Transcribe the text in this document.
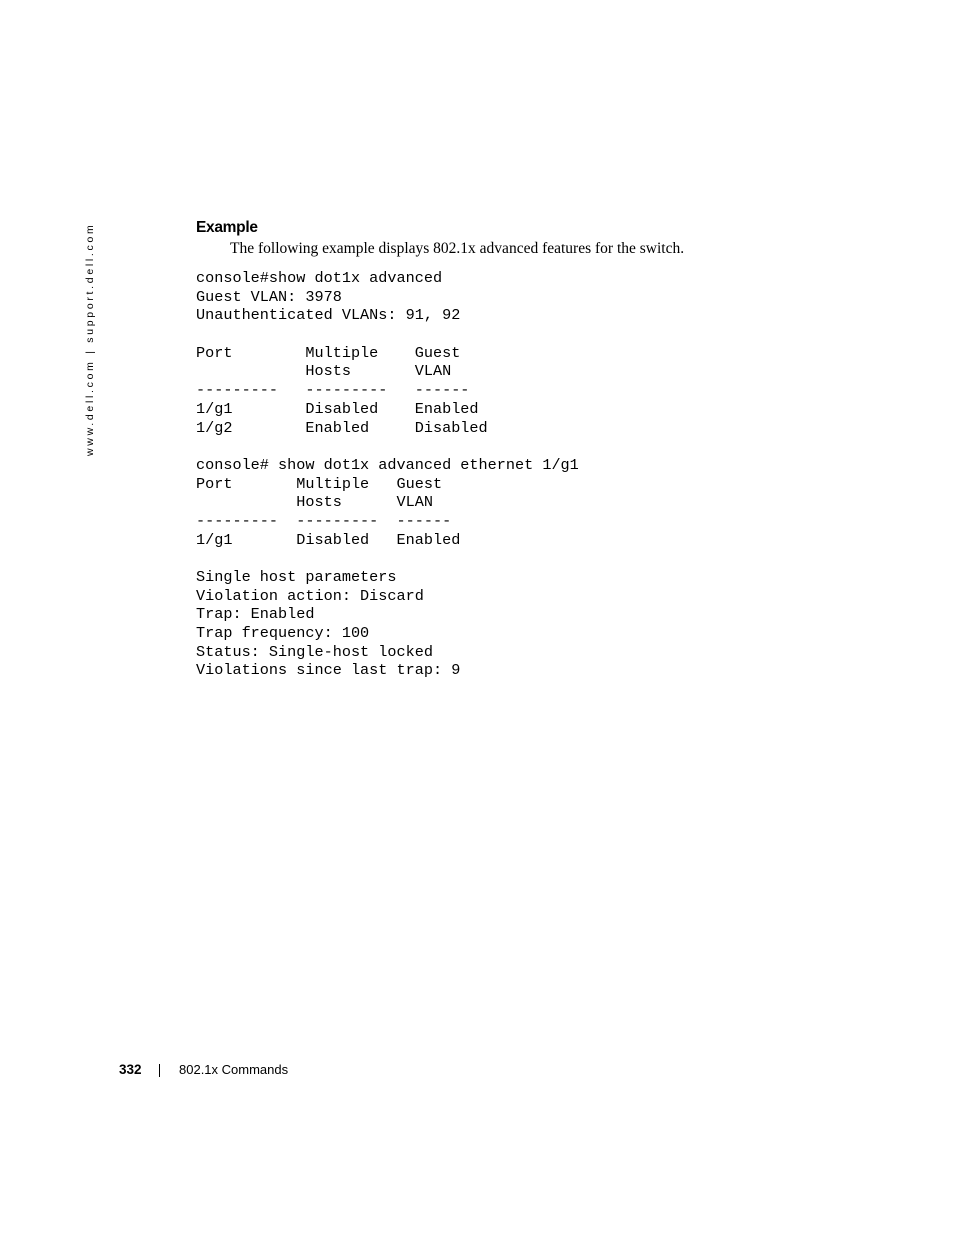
www.dell.com | support.dell.com	Example

The following example displays 802.1x advanced features for the switch.

console#show dot1x advanced
Guest VLAN: 3978
Unauthenticated VLANs: 91, 92
Port        Multiple    Guest
Hosts       VLAN
---------   ---------   ------
1/g1        Disabled    Enabled
1/g2        Enabled     Disabled
console# show dot1x advanced ethernet 1/g1
Port       Multiple   Guest
Hosts      VLAN
---------  ---------  ------
1/g1       Disabled   Enabled
Single host parameters
Violation action: Discard
Trap: Enabled
Trap frequency: 100
Status: Single-host locked
Violations since last trap: 9
332	802.1x Commands
